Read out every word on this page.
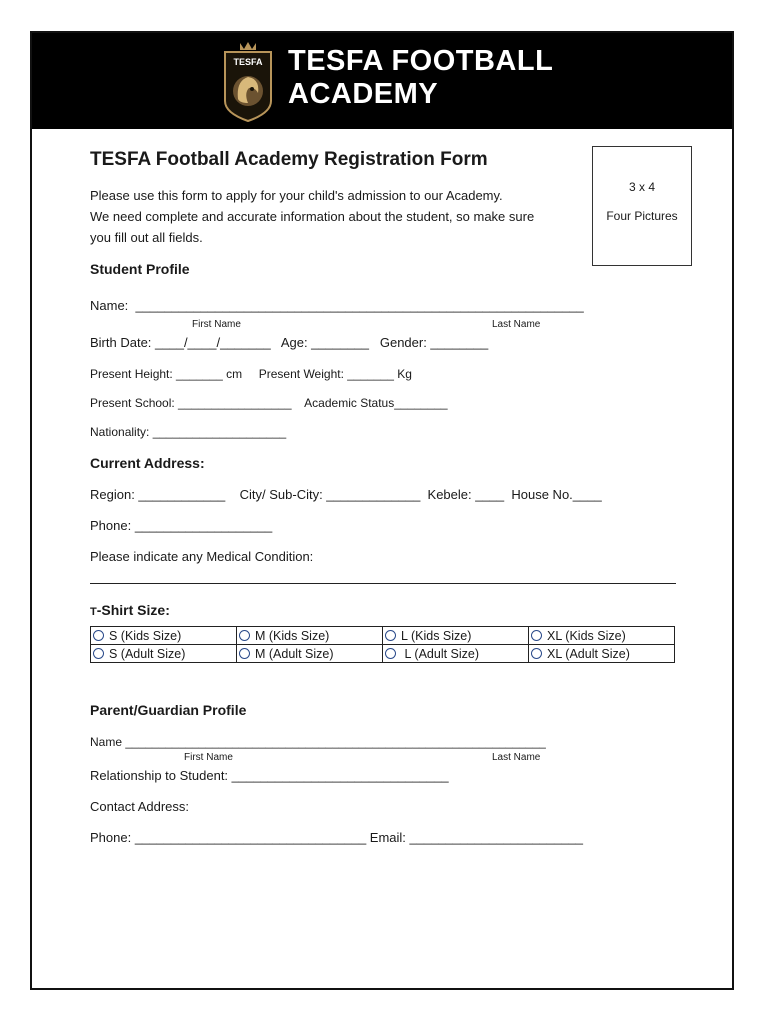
TESFA TESFA FOOTBALL
ACADEMY
TESFA Football Academy Registration Form
Please use this form to apply for your child's admission to our Academy.
We need complete and accurate information about the student, so make sure
you fill out all fields.
3 x 4
Four Pictures
Student Profile
Name:  ______________________________________________________________
First Name	Last Name
Birth Date: ____/____/_______   Age: ________   Gender: ________
Present Height: _______ cm     Present Weight: _______ Kg
Present School: _________________    Academic Status________
Nationality: ____________________
Current Address:
Region: ____________    City/ Sub-City: _____________  Kebele: ____  House No.____
Phone: ___________________
Please indicate any Medical Condition:
T-Shirt Size:
S (Kids Size)	M (Kids Size)	L (Kids Size)	XL (Kids Size)
S (Adult Size)	M (Adult Size)	L (Adult Size)	XL (Adult Size)
Parent/Guardian Profile
Name _______________________________________________________________
First Name	Last Name
Relationship to Student: ______________________________
Contact Address:
Phone: ________________________________ Email: ________________________
